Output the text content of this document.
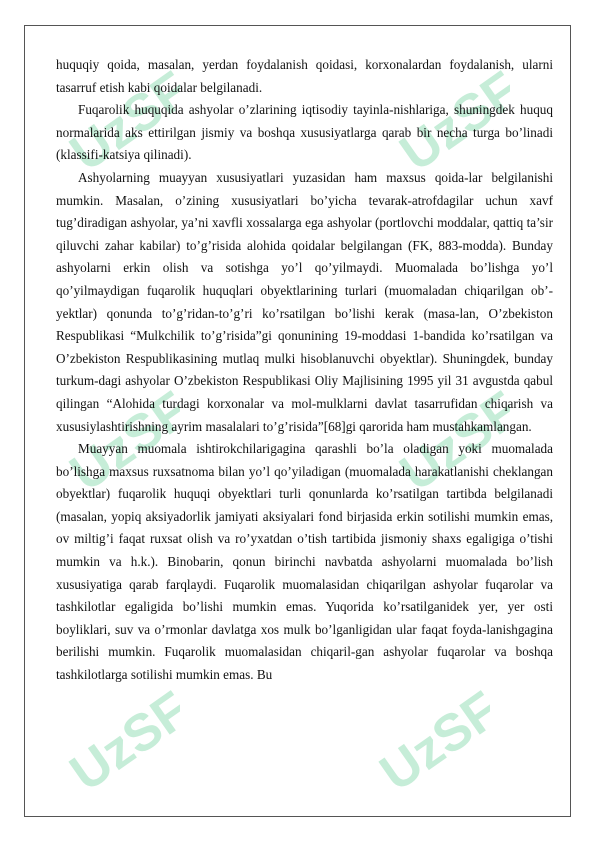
UzSF	UzSF
UzSF	UzSF
UzSF	UzSF

huquqiy qoida, masalan, yerdan foydalanish qoidasi, korxonalardan foydalanish, ularni tasarruf etish kabi qoidalar belgilanadi.

Fuqarolik huquqida ashyolar o’zlarining iqtisodiy tayinla-nishlariga, shuningdek huquq normalarida aks ettirilgan jismiy va boshqa xususiyatlarga qarab bir necha turga bo’linadi (klassifi-katsiya qilinadi).

Ashyolarning muayyan xususiyatlari yuzasidan ham maxsus qoida-lar belgilanishi mumkin. Masalan, o’zining xususiyatlari bo’yicha tevarak-atrofdagilar uchun xavf tug’diradigan ashyolar, ya’ni xavfli xossalarga ega ashyolar (portlovchi moddalar, qattiq ta’sir qiluvchi zahar kabilar) to’g’risida alohida qoidalar belgilangan (FK, 883-modda). Bunday ashyolarni erkin olish va sotishga yo’l qo’yilmaydi. Muomalada bo’lishga yo’l qo’yilmaydigan fuqarolik huquqlari obyektlarining turlari (muomaladan chiqarilgan ob’-yektlar) qonunda to’g’ridan-to’g’ri ko’rsatilgan bo’lishi kerak (masa-lan, O’zbekiston Respublikasi “Mulkchilik to’g’risida”gi qonunining 19-moddasi 1-bandida ko’rsatilgan va O’zbekiston Respublikasining mutlaq mulki hisoblanuvchi obyektlar). Shuningdek, bunday turkum-dagi ashyolar O’zbekiston Respublikasi Oliy Majlisining 1995 yil 31 avgustda qabul qilingan “Alohida turdagi korxonalar va mol-mulklarni davlat tasarrufidan chiqarish va xususiylashtirishning ayrim masalalari to’g’risida”[68]gi qarorida ham mustahkamlangan.

Muayyan muomala ishtirokchilarigagina qarashli bo’la oladigan yoki muomalada bo’lishga maxsus ruxsatnoma bilan yo’l qo’yiladigan (muomalada harakatlanishi cheklangan obyektlar) fuqarolik huquqi obyektlari turli qonunlarda ko’rsatilgan tartibda belgilanadi (masalan, yopiq aksiyadorlik jamiyati aksiyalari fond birjasida erkin sotilishi mumkin emas, ov miltig’i faqat ruxsat olish va ro’yxatdan o’tish tartibida jismoniy shaxs egaligiga o’tishi mumkin va h.k.). Binobarin, qonun birinchi navbatda ashyolarni muomalada bo’lish xususiyatiga qarab farqlaydi. Fuqarolik muomalasidan chiqarilgan ashyolar fuqarolar va tashkilotlar egaligida bo’lishi mumkin emas. Yuqorida ko’rsatilganidek yer, yer osti boyliklari, suv va o’rmonlar davlatga xos mulk bo’lganligidan ular faqat foyda-lanishgagina berilishi mumkin. Fuqarolik muomalasidan chiqaril-gan ashyolar fuqarolar va boshqa tashkilotlarga sotilishi mumkin emas. Bu
